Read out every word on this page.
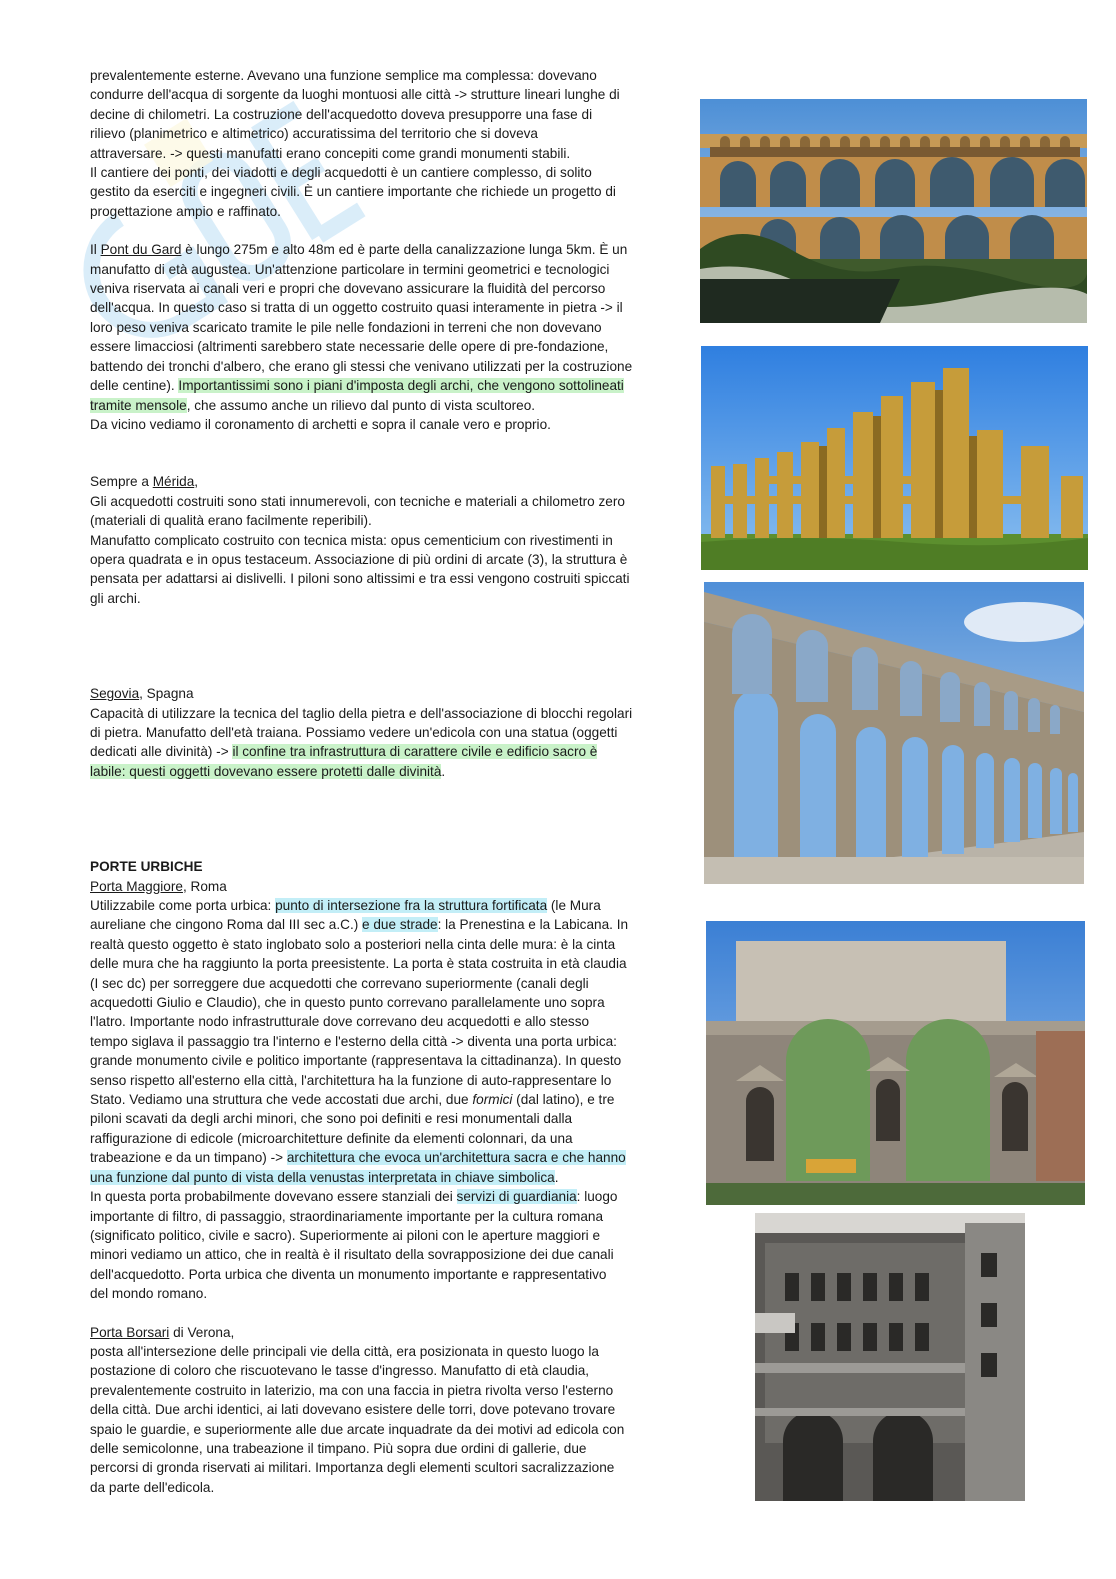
prevalentemente esterne. Avevano una funzione semplice ma complessa: dovevano

condurre dell'acqua di sorgente da luoghi montuosi alle città -> strutture lineari lunghe di

decine di chilometri. La costruzione dell'acquedotto doveva presupporre una fase di

rilievo (planimetrico e altimetrico) accuratissima del territorio che si doveva

attraversare. -> questi manufatti erano concepiti come grandi monumenti stabili.

Il cantiere dei ponti, dei viadotti e degli acquedotti è un cantiere complesso, di solito

gestito da eserciti e ingegneri civili. È un cantiere importante che richiede un progetto di

progettazione ampio e raffinato.

Il Pont du Gard è lungo 275m e alto 48m ed è parte della canalizzazione lunga 5km. È un

manufatto di età augustea. Un'attenzione particolare in termini geometrici e tecnologici

veniva riservata ai canali veri e propri che dovevano assicurare la fluidità del percorso

dell'acqua. In questo caso si tratta di un oggetto costruito quasi interamente in pietra -> il

loro peso veniva scaricato tramite le pile nelle fondazioni in terreni che non dovevano

essere limacciosi (altrimenti sarebbero state necessarie delle opere di pre-fondazione,

battendo dei tronchi d'albero, che erano gli stessi che venivano utilizzati per la costruzione

delle centine). Importantissimi sono i piani d'imposta degli archi, che vengono sottolineati

tramite mensole, che assumo anche un rilievo dal punto di vista scultoreo.

Da vicino vediamo il coronamento di archetti e sopra il canale vero e proprio.

Sempre a Mérida,

Gli acquedotti costruiti sono stati innumerevoli, con tecniche e materiali a chilometro zero

(materiali di qualità erano facilmente reperibili).

Manufatto complicato costruito con tecnica mista: opus cementicium con rivestimenti in

opera quadrata e in opus testaceum. Associazione di più ordini di arcate (3), la struttura è

pensata per adattarsi ai dislivelli. I piloni sono altissimi e tra essi vengono costruiti spiccati

gli archi.

Segovia, Spagna

Capacità di utilizzare la tecnica del taglio della pietra e dell'associazione di blocchi regolari

di pietra. Manufatto dell'età traiana. Possiamo vedere un'edicola con una statua (oggetti

dedicati alle divinità) -> il confine tra infrastruttura di carattere civile e edificio sacro è

labile: questi oggetti dovevano essere protetti dalle divinità.

PORTE URBICHE

Porta Maggiore, Roma

Utilizzabile come porta urbica: punto di intersezione fra la struttura fortificata (le Mura

aureliane che cingono Roma dal III sec a.C.) e due strade: la Prenestina e la Labicana. In

realtà questo oggetto è stato inglobato solo a posteriori nella cinta delle mura: è la cinta

delle mura che ha raggiunto la porta preesistente. La porta è stata costruita in età claudia

(I sec dc) per sorreggere due acquedotti che correvano superiormente (canali degli

acquedotti Giulio e Claudio), che in questo punto correvano parallelamente uno sopra

l'latro. Importante nodo infrastrutturale dove correvano deu acquedotti e allo stesso

tempo siglava il passaggio tra l'interno e l'esterno della città -> diventa una porta urbica:

grande monumento civile e politico importante (rappresentava la cittadinanza). In questo

senso rispetto all'esterno ella città, l'architettura ha la funzione di auto-rappresentare lo

Stato. Vediamo una struttura che vede accostati due archi, due formici (dal latino), e tre

piloni scavati da degli archi minori, che sono poi definiti e resi monumentali dalla

raffigurazione di edicole (microarchitetture definite da elementi colonnari, da una

trabeazione e da un timpano) -> architettura che evoca un'architettura sacra e che hanno

una funzione dal punto di vista della venustas interpretata in chiave simbolica.

In questa porta probabilmente dovevano essere stanziali dei servizi di guardiania: luogo

importante di filtro, di passaggio, straordinariamente importante per la cultura romana

(significato politico, civile e sacro). Superiormente ai piloni con le aperture maggiori e

minori vediamo un attico, che in realtà è il risultato della sovrapposizione dei due canali

dell'acquedotto. Porta urbica che diventa un monumento importante e rappresentativo

del mondo romano.

Porta Borsari di Verona,

posta all'intersezione delle principali vie della città, era posizionata in questo luogo la

postazione di coloro che riscuotevano le tasse d'ingresso. Manufatto di età claudia,

prevalentemente costruito in laterizio, ma con una faccia in pietra rivolta verso l'esterno

della città. Due archi identici, ai lati dovevano esistere delle torri, dove potevano trovare

spaio le guardie, e superiormente alle due arcate inquadrate da dei motivi ad edicola con

delle semicolonne, una trabeazione il timpano. Più sopra due ordini di gallerie, due

percorsi di gronda riservati ai militari. Importanza degli elementi scultori sacralizzazione

da parte dell'edicola.
